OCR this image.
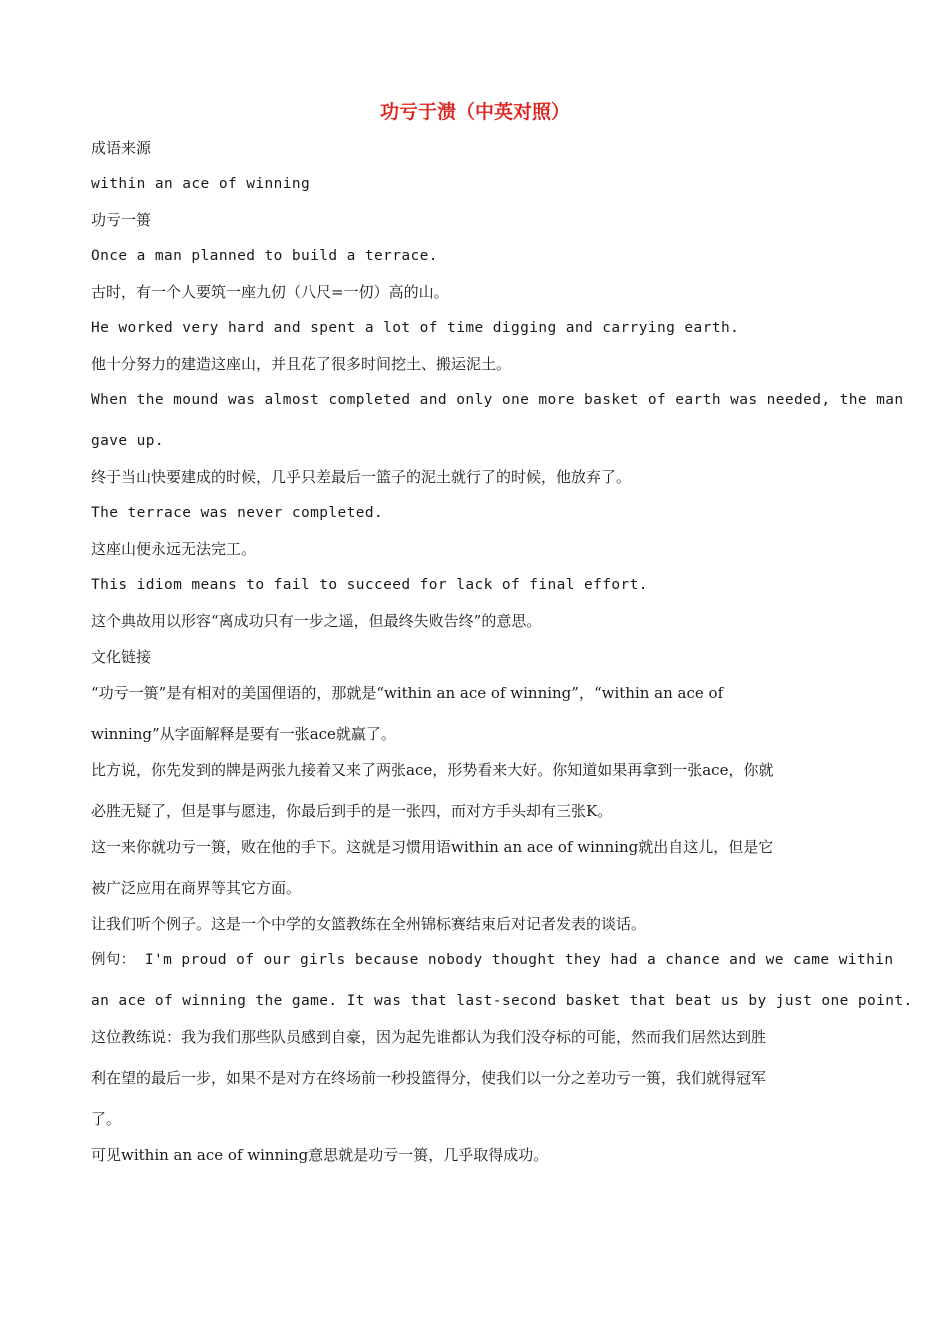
功亏于溃（中英对照）
成语来源
within an ace of winning
功亏一篑
Once a man planned to build a terrace.
古时，有一个人要筑一座九仞（八尺=一仞）高的山。
He worked very hard and spent a lot of time digging and carrying earth.
他十分努力的建造这座山，并且花了很多时间挖土、搬运泥土。
When the mound was almost completed and only one more basket of earth was needed, the man
gave up.
终于当山快要建成的时候，几乎只差最后一篮子的泥土就行了的时候，他放弃了。
The terrace was never completed.
这座山便永远无法完工。
This idiom means to fail to succeed for lack of final effort.
这个典故用以形容“离成功只有一步之遥，但最终失败告终”的意思。
文化链接
“功亏一篑”是有相对的美国俚语的，那就是“within an ace of winning”，“within an ace of
winning”从字面解释是要有一张ace就赢了。
比方说，你先发到的牌是两张九接着又来了两张ace，形势看来大好。你知道如果再拿到一张ace，你就
必胜无疑了，但是事与愿违，你最后到手的是一张四，而对方手头却有三张K。
这一来你就功亏一篑，败在他的手下。这就是习惯用语within an ace of winning就出自这儿，但是它
被广泛应用在商界等其它方面。
让我们听个例子。这是一个中学的女篮教练在全州锦标赛结束后对记者发表的谈话。
例句： I'm proud of our girls because nobody thought they had a chance and we came within
an ace of winning the game. It was that last-second basket that beat us by just one point.
这位教练说：我为我们那些队员感到自豪，因为起先谁都认为我们没夺标的可能，然而我们居然达到胜
利在望的最后一步，如果不是对方在终场前一秒投篮得分，使我们以一分之差功亏一篑，我们就得冠军
了。
可见within an ace of winning意思就是功亏一篑，几乎取得成功。
